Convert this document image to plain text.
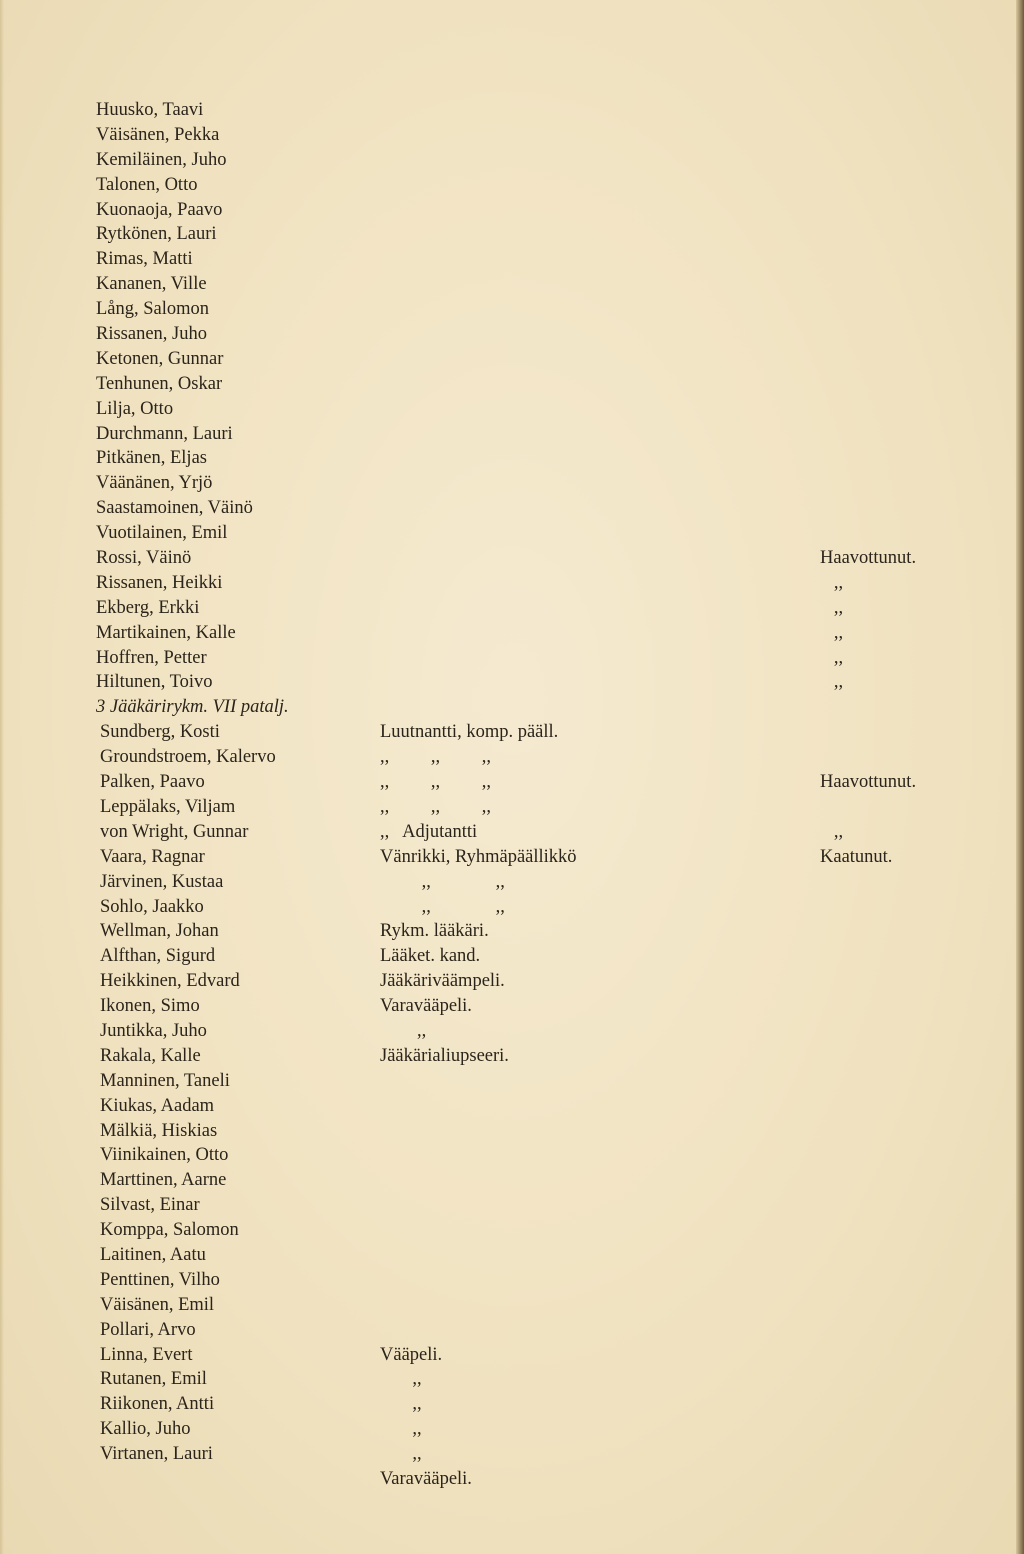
Huusko, Taavi
Väisänen, Pekka
Kemiläinen, Juho
Talonen, Otto
Kuonaoja, Paavo
Rytkönen, Lauri
Rimas, Matti
Kananen, Ville
Lång, Salomon
Rissanen, Juho
Ketonen, Gunnar
Tenhunen, Oskar
Lilja, Otto
Durchmann, Lauri
Pitkänen, Eljas
Väänänen, Yrjö
Saastamoinen, Väinö
Vuotilainen, Emil
Rossi, Väinö
Rissanen, Heikki
Ekberg, Erkki
Martikainen, Kalle
Hoffren, Petter
Hiltunen, Toivo
3 Jääkärirykm. VII patalj.
Sundberg, Kosti
Groundstroem, Kalervo
Palken, Paavo
Leppälaks, Viljam
von Wright, Gunnar
Vaara, Ragnar
Järvinen, Kustaa
Sohlo, Jaakko
Wellman, Johan
Alfthan, Sigurd
Heikkinen, Edvard
Ikonen, Simo
Juntikka, Juho
Rakala, Kalle
Manninen, Taneli
Kiukas, Aadam
Mälkiä, Hiskias
Viinikainen, Otto
Marttinen, Aarne
Silvast, Einar
Komppa, Salomon
Laitinen, Aatu
Penttinen, Vilho
Väisänen, Emil
Pollari, Arvo
Linna, Evert
Rutanen, Emil
Riikonen, Antti
Kallio, Juho
Virtanen, Lauri
Luutnantti, komp. pääll.
,,         ,,         ,,
,,         ,,         ,,
,,         ,,         ,,
,,   Adjutantti
Vänrikki, Ryhmäpäällikkö
,,              ,,
,,              ,,
Rykm. lääkäri.
Lääket. kand.
Jääkäriväämpeli.
Varavääpeli.
,,
Jääkärialiupseeri.
Vääpeli.
,,
,,
,,
,,
Varavääpeli.
Haavottunut.
,,
,,
,,
,,
,,
Haavottunut.
,,
Kaatunut.
